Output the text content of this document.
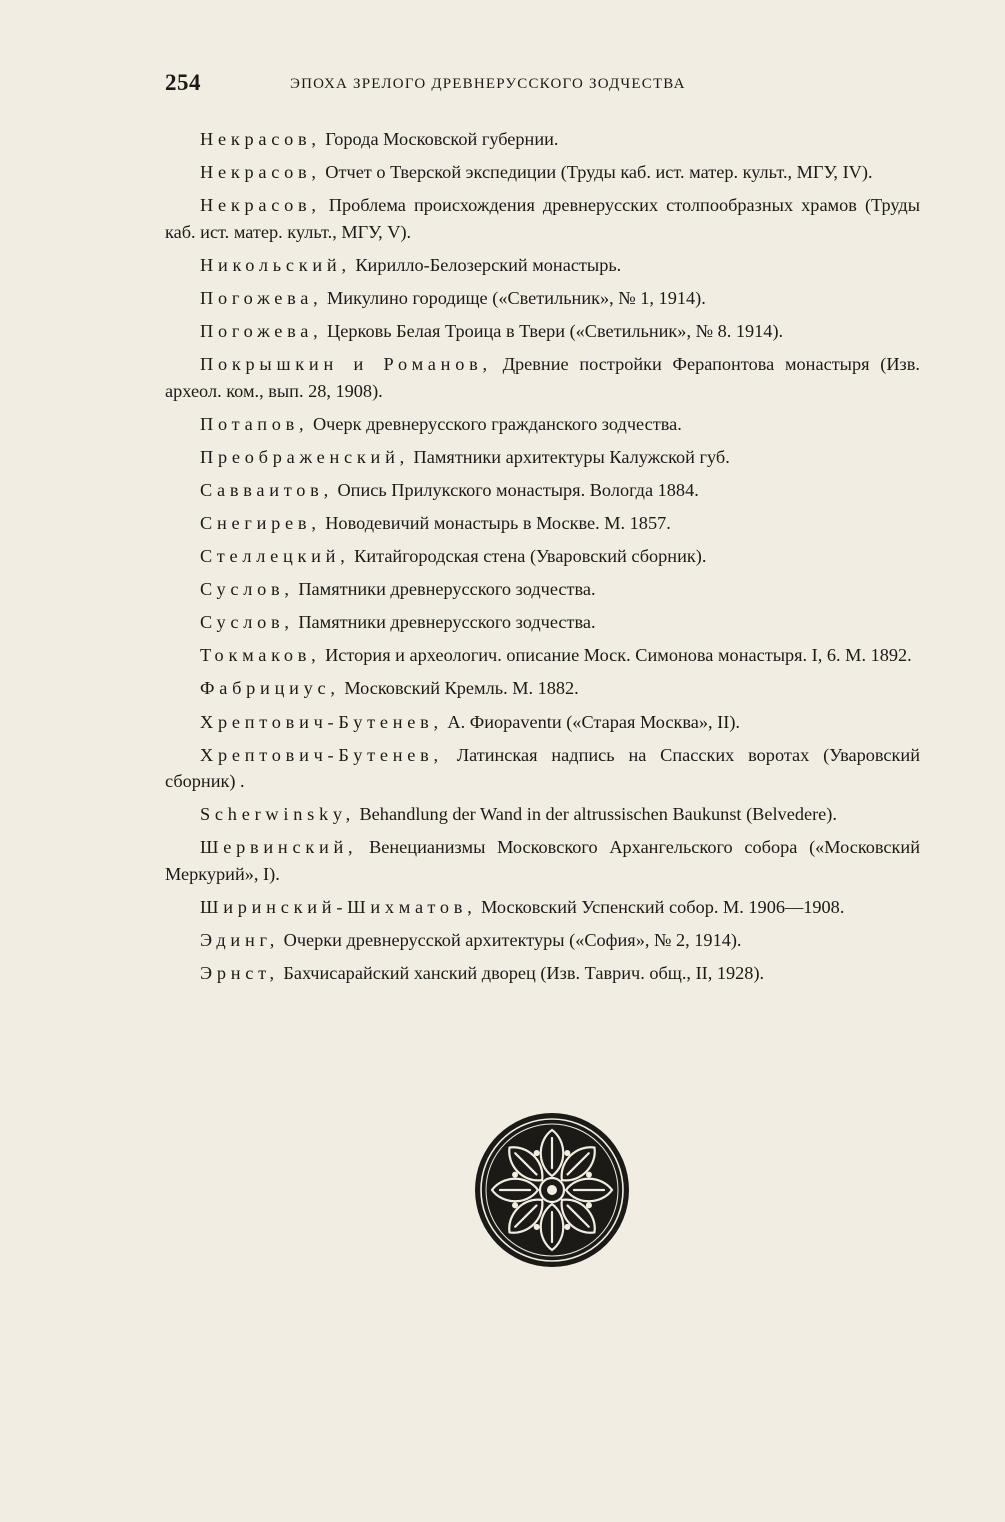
254	ЭПОХА ЗРЕЛОГО ДРЕВНЕРУССКОГО ЗОДЧЕСТВА
Некрасов, Города Московской губернии.
Некрасов, Отчет о Тверской экспедиции (Труды каб. ист. матер. культ., МГУ, IV).
Некрасов, Проблема происхождения древнерусских столпообразных храмов (Труды каб. ист. матер. культ., МГУ, V).
Никольский, Кирилло-Белозерский монастырь.
Погожева, Микулино городище («Светильник», № 1, 1914).
Погожева, Церковь Белая Троица в Твери («Светильник», № 8. 1914).
Покрышкин и Романов, Древние постройки Ферапонтова монастыря (Изв. археол. ком., вып. 28, 1908).
Потапов, Очерк древнерусского гражданского зодчества.
Преображенский, Памятники архитектуры Калужской губ.
Савваитов, Опись Прилукского монастыря. Вологда 1884.
Снегирев, Новодевичий монастырь в Москве. М. 1857.
Стеллецкий, Китайгородская стена (Уваровский сборник).
Суслов, Памятники древнерусского зодчества.
Суслов, Памятники древнерусского зодчества.
Токмаков, История и археологич. описание Моск. Симонова монастыря. I, 6. М. 1892.
Фабрициус, Московский Кремль. М. 1882.
Хрептович-Бутенев, А. Фиораventи («Старая Москва», II).
Хрептович-Бутенев, Латинская надпись на Спасских воротах (Уваровский сборник) .
Scherwinsky, Behandlung der Wand in der altrussischen Baukunst (Belvedere).
Шервинский, Венецианизмы Московского Архангельского собора («Московский Меркурий», I).
Ширинский-Шихматов, Московский Успенский собор. М. 1906—1908.
Эдинг, Очерки древнерусской архитектуры («София», № 2, 1914).
Эрнст, Бахчисарайский ханский дворец (Изв. Таврич. общ., II, 1928).
